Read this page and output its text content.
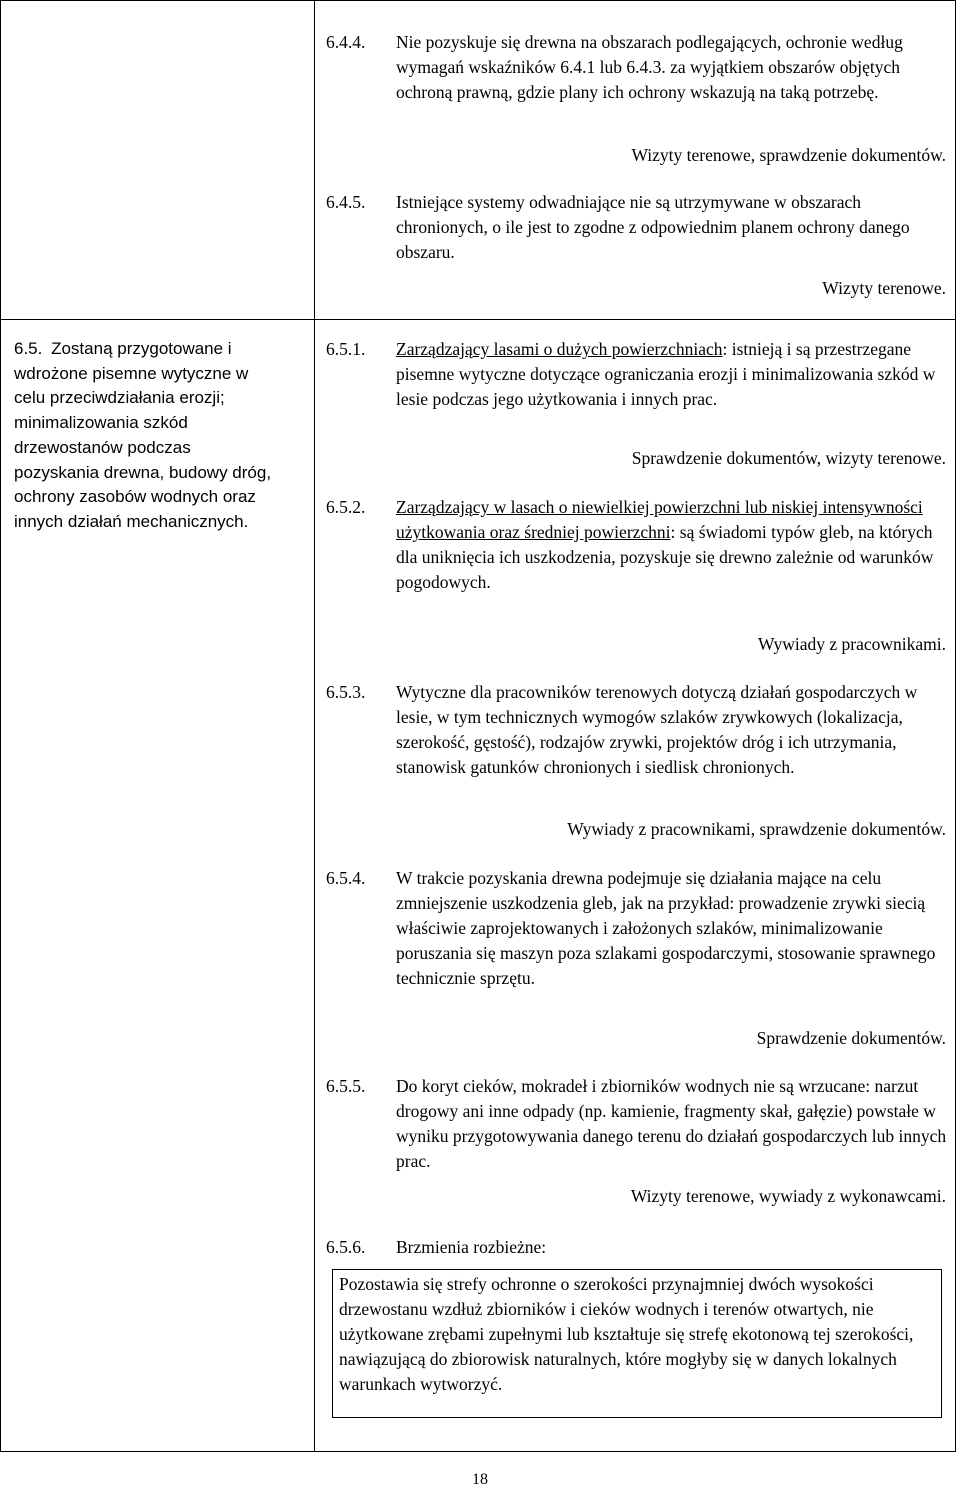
6.4.4. Nie pozyskuje się drewna na obszarach podlegających, ochronie według wymagań wskaźników 6.4.1 lub 6.4.3. za wyjątkiem obszarów objętych ochroną prawną, gdzie plany ich ochrony wskazują na taką potrzebę.
Wizyty terenowe, sprawdzenie dokumentów.
6.4.5. Istniejące systemy odwadniające nie są utrzymywane w obszarach chronionych, o ile jest to zgodne z odpowiednim planem ochrony danego obszaru.
Wizyty terenowe.
6.5. Zostaną przygotowane i wdrożone pisemne wytyczne w celu przeciwdziałania erozji; minimalizowania szkód drzewostanów podczas pozyskania drewna, budowy dróg, ochrony zasobów wodnych oraz innych działań mechanicznych.
6.5.1. Zarządzający lasami o dużych powierzchniach: istnieją i są przestrzegane pisemne wytyczne dotyczące ograniczania erozji i minimalizowania szkód w lesie podczas jego użytkowania i innych prac.
Sprawdzenie dokumentów, wizyty terenowe.
6.5.2. Zarządzający w lasach o niewielkiej powierzchni lub niskiej intensywności użytkowania oraz średniej powierzchni: są świadomi typów gleb, na których dla uniknięcia ich uszkodzenia, pozyskuje się drewno zależnie od warunków pogodowych.
Wywiady z pracownikami.
6.5.3. Wytyczne dla pracowników terenowych dotyczą działań gospodarczych w lesie, w tym technicznych wymogów szlaków zrywkowych (lokalizacja, szerokość, gęstość), rodzajów zrywki, projektów dróg i ich utrzymania, stanowisk gatunków chronionych i siedlisk chronionych.
Wywiady z pracownikami, sprawdzenie dokumentów.
6.5.4. W trakcie pozyskania drewna podejmuje się działania mające na celu zmniejszenie uszkodzenia gleb, jak na przykład: prowadzenie zrywki siecią właściwie zaprojektowanych i założonych szlaków, minimalizowanie poruszania się maszyn poza szlakami gospodarczymi, stosowanie sprawnego technicznie sprzętu.
Sprawdzenie dokumentów.
6.5.5. Do koryt cieków, mokradeł i zbiorników wodnych nie są wrzucane: narzut drogowy ani inne odpady (np. kamienie, fragmenty skał, gałęzie) powstałe w wyniku przygotowywania danego terenu do działań gospodarczych lub innych prac.
Wizyty terenowe, wywiady z wykonawcami.
6.5.6. Brzmienia rozbieżne:
Pozostawia się strefy ochronne o szerokości przynajmniej dwóch wysokości drzewostanu wzdłuż zbiorników i cieków wodnych i terenów otwartych, nie użytkowane zrębami zupełnymi lub kształtuje się strefę ekotonową tej szerokości, nawiązującą do zbiorowisk naturalnych, które mogłyby się w danych lokalnych warunkach wytworzyć.
18
